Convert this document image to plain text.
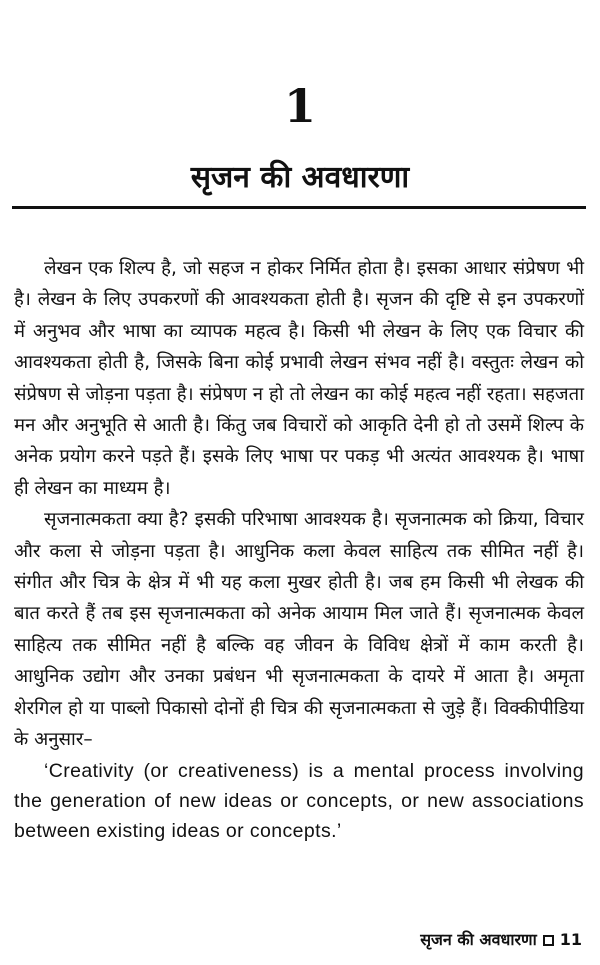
1
सृजन की अवधारणा

लेखन एक शिल्प है, जो सहज न होकर निर्मित होता है। इसका आधार संप्रेषण भी है। लेखन के लिए उपकरणों की आवश्यकता होती है। सृजन की दृष्टि से इन उपकरणों में अनुभव और भाषा का व्यापक महत्व है। किसी भी लेखन के लिए एक विचार की आवश्यकता होती है, जिसके बिना कोई प्रभावी लेखन संभव नहीं है। वस्तुतः लेखन को संप्रेषण से जोड़ना पड़ता है। संप्रेषण न हो तो लेखन का कोई महत्व नहीं रहता। सहजता मन और अनुभूति से आती है। किंतु जब विचारों को आकृति देनी हो तो उसमें शिल्प के अनेक प्रयोग करने पड़ते हैं। इसके लिए भाषा पर पकड़ भी अत्यंत आवश्यक है। भाषा ही लेखन का माध्यम है।

सृजनात्मकता क्या है? इसकी परिभाषा आवश्यक है। सृजनात्मक को क्रिया, विचार और कला से जोड़ना पड़ता है। आधुनिक कला केवल साहित्य तक सीमित नहीं है। संगीत और चित्र के क्षेत्र में भी यह कला मुखर होती है। जब हम किसी भी लेखक की बात करते हैं तब इस सृजनात्मकता को अनेक आयाम मिल जाते हैं। सृजनात्मक केवल साहित्य तक सीमित नहीं है बल्कि वह जीवन के विविध क्षेत्रों में काम करती है। आधुनिक उद्योग और उनका प्रबंधन भी सृजनात्मकता के दायरे में आता है। अमृता शेरगिल हो या पाब्लो पिकासो दोनों ही चित्र की सृजनात्मकता से जुड़े हैं। विक्कीपीडिया के अनुसार–

‘Creativity (or creativeness) is a mental process involving the generation of new ideas or concepts, or new associations between existing ideas or concepts.’

सृजन की अवधारणा 11
